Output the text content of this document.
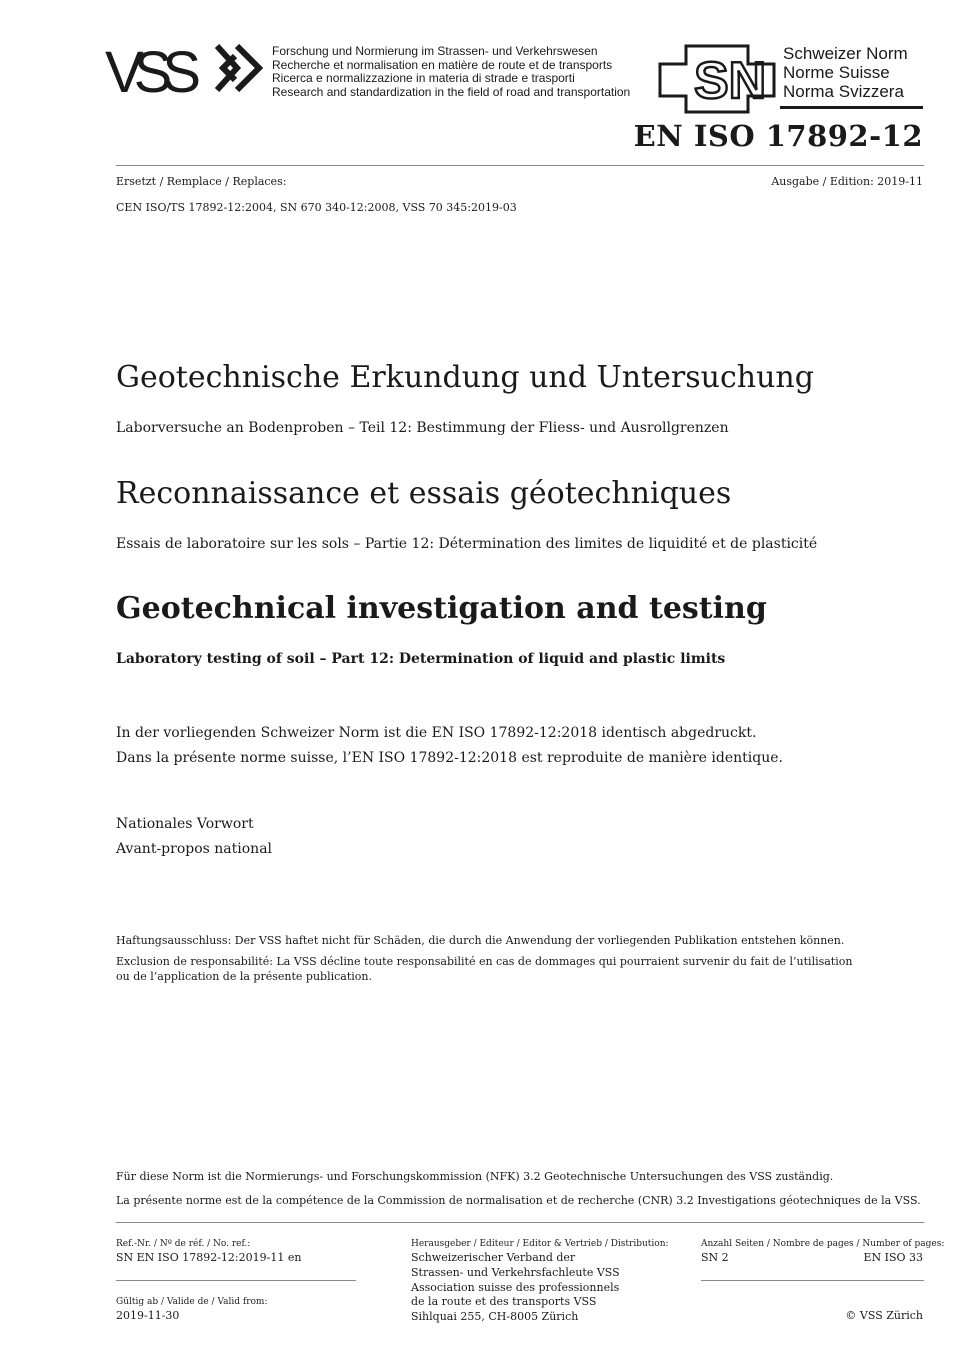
VSS	Forschung und Normierung im Strassen- und Verkehrswesen
Recherche et normalisation en matière de route et de transports
Ricerca e normalizzazione in materia di strade e trasporti
Research and standardization in the field of road and transportation SN Schweizer Norm
Norme Suisse
Norma Svizzera
EN ISO 17892-12
Ersetzt / Remplace / Replaces:	Ausgabe / Edition: 2019-11
CEN ISO/TS 17892-12:2004, SN 670 340-12:2008, VSS 70 345:2019-03
Geotechnische Erkundung und Untersuchung
Laborversuche an Bodenproben – Teil 12: Bestimmung der Fliess- und Ausrollgrenzen
Reconnaissance et essais géotechniques
Essais de laboratoire sur les sols – Partie 12: Détermination des limites de liquidité et de plasticité
Geotechnical investigation and testing
Laboratory testing of soil – Part 12: Determination of liquid and plastic limits
In der vorliegenden Schweizer Norm ist die EN ISO 17892-12:2018 identisch abgedruckt.
Dans la présente norme suisse, l’EN ISO 17892-12:2018 est reproduite de manière identique.
Nationales Vorwort
Avant-propos national
Haftungsausschluss: Der VSS haftet nicht für Schäden, die durch die Anwendung der vorliegenden Publikation entstehen können.
Exclusion de responsabilité: La VSS décline toute responsabilité en cas de dommages qui pourraient survenir du fait de l’utilisation
ou de l’application de la présente publication.
Für diese Norm ist die Normierungs- und Forschungskommission (NFK) 3.2 Geotechnische Untersuchungen des VSS zuständig.
La présente norme est de la compétence de la Commission de normalisation et de recherche (CNR) 3.2 Investigations géotechniques de la VSS.
Ref.-Nr. / Nº de réf. / No. ref.:
SN EN ISO 17892-12:2019-11 en
Gültig ab / Valide de / Valid from:
2019-11-30
Herausgeber / Editeur / Editor & Vertrieb / Distribution:
Schweizerischer Verband der
Strassen- und Verkehrsfachleute VSS
Association suisse des professionnels
de la route et des transports VSS
Sihlquai 255, CH-8005 Zürich
Anzahl Seiten / Nombre de pages / Number of pages:
SN 2	EN ISO 33
© VSS Zürich
